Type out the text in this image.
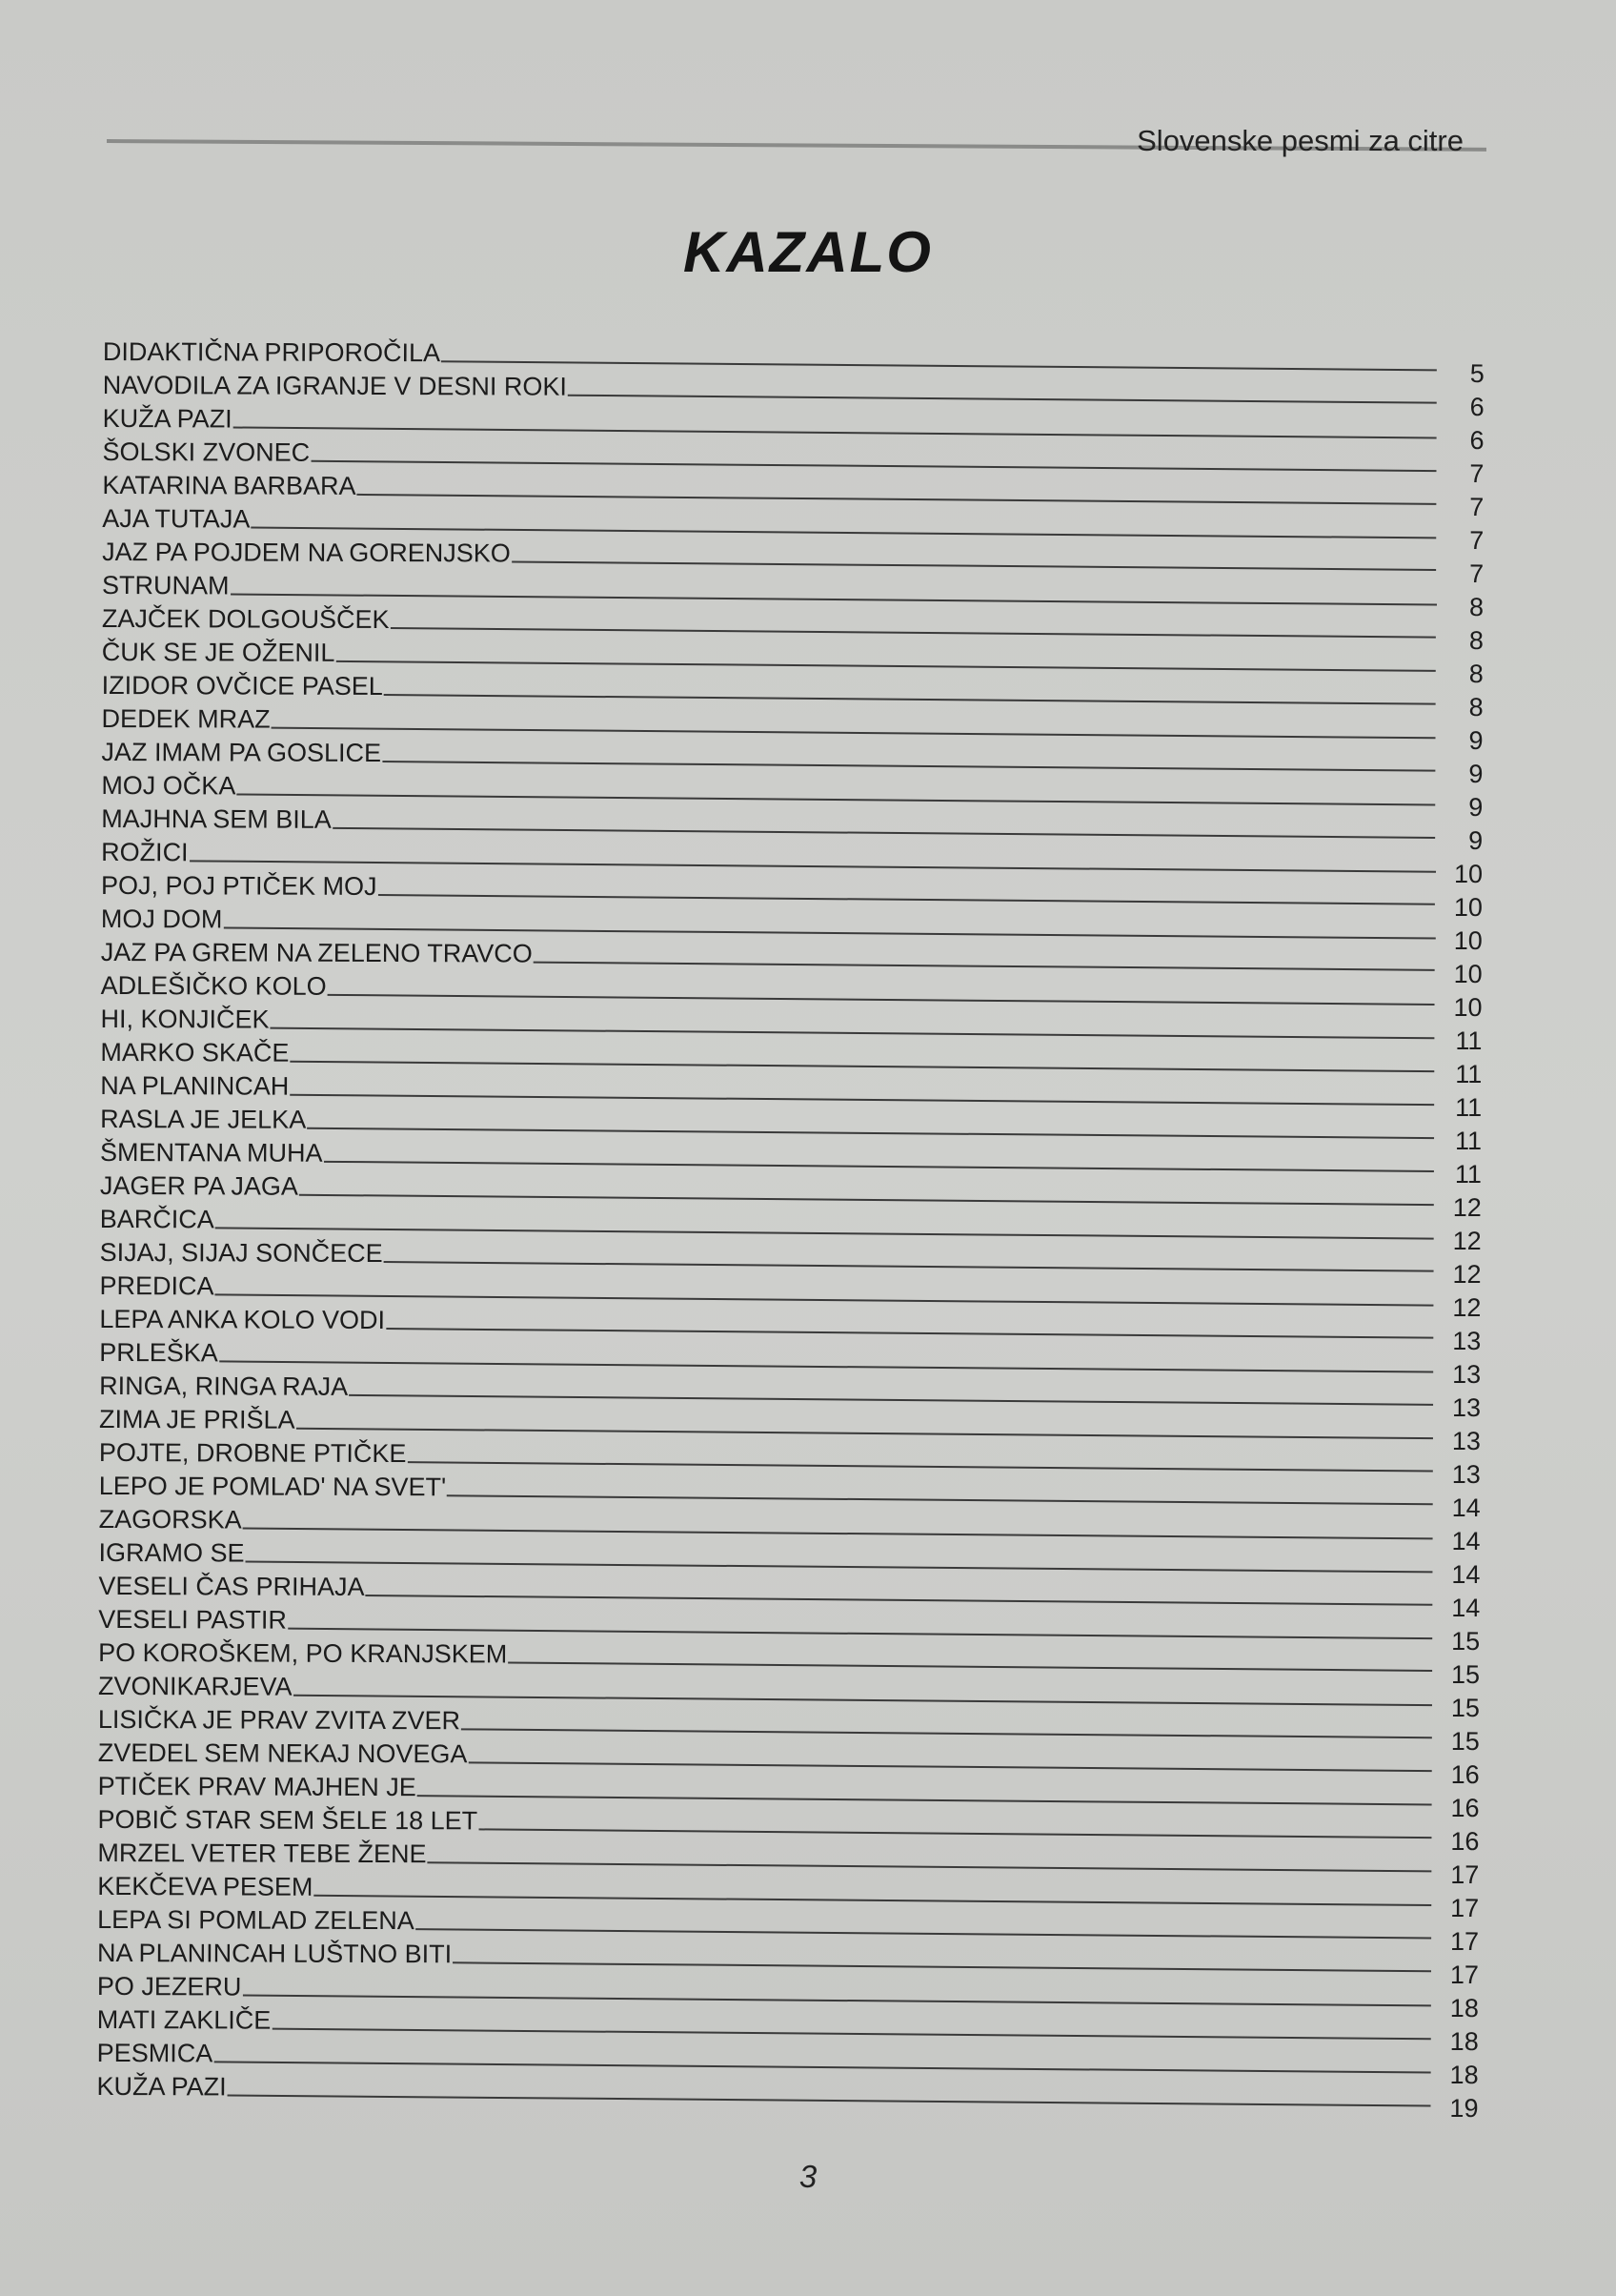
Slovenske pesmi za citre
KAZALO
DIDAKTIČNA PRIPOROČILA
5
NAVODILA ZA IGRANJE V DESNI ROKI
6
KUŽA PAZI
6
ŠOLSKI ZVONEC
7
KATARINA BARBARA
7
AJA TUTAJA
7
JAZ PA POJDEM NA GORENJSKO
7
STRUNAM
8
ZAJČEK DOLGOUŠČEK
8
ČUK SE JE OŽENIL
8
IZIDOR OVČICE PASEL
8
DEDEK MRAZ
9
JAZ IMAM PA GOSLICE
9
MOJ OČKA
9
MAJHNA SEM BILA
9
ROŽICI
10
POJ, POJ PTIČEK MOJ
10
MOJ DOM
10
JAZ PA GREM NA ZELENO TRAVCO
10
ADLEŠIČKO KOLO
10
HI, KONJIČEK
11
MARKO SKAČE
11
NA PLANINCAH
11
RASLA JE JELKA
11
ŠMENTANA MUHA
11
JAGER PA JAGA
12
BARČICA
12
SIJAJ, SIJAJ SONČECE
12
PREDICA
12
LEPA ANKA KOLO VODI
13
PRLEŠKA
13
RINGA, RINGA RAJA
13
ZIMA JE PRIŠLA
13
POJTE, DROBNE PTIČKE
13
LEPO JE POMLAD' NA SVET'
14
ZAGORSKA
14
IGRAMO SE
14
VESELI ČAS PRIHAJA
14
VESELI PASTIR
15
PO KOROŠKEM, PO KRANJSKEM
15
ZVONIKARJEVA
15
LISIČKA JE PRAV ZVITA ZVER
15
ZVEDEL SEM NEKAJ NOVEGA
16
PTIČEK PRAV MAJHEN JE
16
POBIČ STAR SEM ŠELE 18 LET
16
MRZEL VETER TEBE ŽENE
17
KEKČEVA PESEM
17
LEPA SI POMLAD ZELENA
17
NA PLANINCAH LUŠTNO BITI
17
PO JEZERU
18
MATI ZAKLIČE
18
PESMICA
18
KUŽA PAZI
19
3
